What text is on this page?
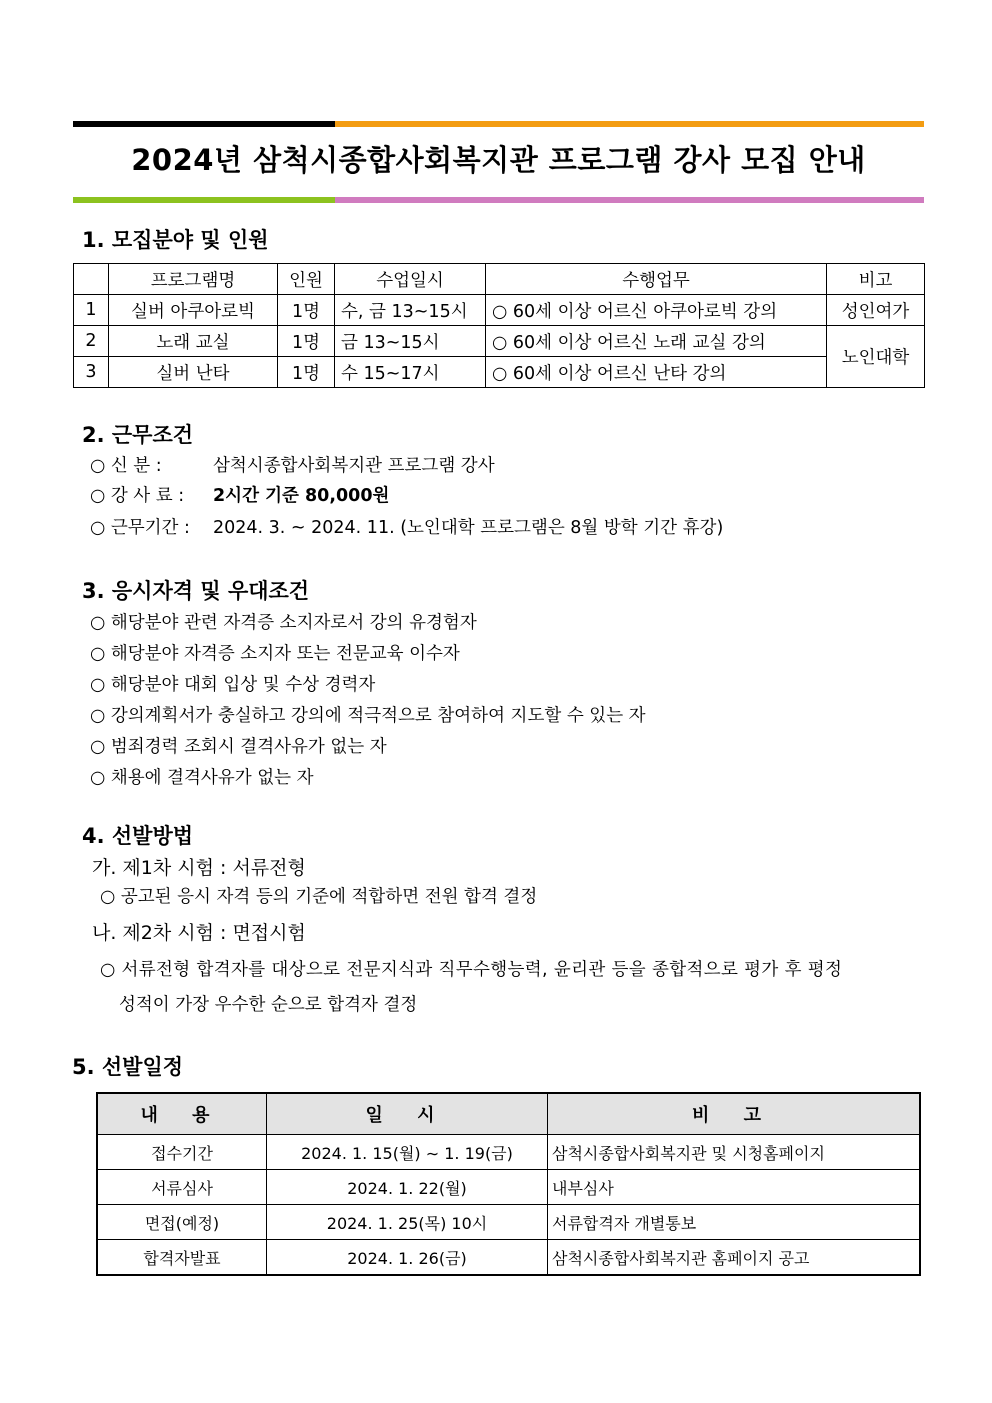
2024년 삼척시종합사회복지관 프로그램 강사 모집 안내
1. 모집분야 및 인원
	프로그램명	인원	수업일시	수행업무	비고
1	실버 아쿠아로빅	1명	수, 금 13~15시	○ 60세 이상 어르신 아쿠아로빅 강의	성인여가
2	노래 교실	1명	금 13~15시	○ 60세 이상 어르신 노래 교실 강의	노인대학
3	실버 난타	1명	수 15~17시	○ 60세 이상 어르신 난타 강의	
2. 근무조건
○ 신 분 :	삼척시종합사회복지관 프로그램 강사
○ 강 사 료 : 2시간 기준 80,000원
○ 근무기간 : 2024. 3. ~ 2024. 11. (노인대학 프로그램은 8월 방학 기간 휴강)
3. 응시자격 및 우대조건
○ 해당분야 관련 자격증 소지자로서 강의 유경험자
○ 해당분야 자격증 소지자 또는 전문교육 이수자
○ 해당분야 대회 입상 및 수상 경력자
○ 강의계획서가 충실하고 강의에 적극적으로 참여하여 지도할 수 있는 자
○ 범죄경력 조회시 결격사유가 없는 자
○ 채용에 결격사유가 없는 자
4. 선발방법
가. 제1차 시험 : 서류전형
○ 공고된 응시 자격 등의 기준에 적합하면 전원 합격 결정
나. 제2차 시험 : 면접시험
○ 서류전형 합격자를 대상으로 전문지식과 직무수행능력, 윤리관 등을 종합적으로 평가 후 평정
성적이 가장 우수한 순으로 합격자 결정
5. 선발일정
내 용	일 시	비 고
접수기간	2024. 1. 15(월) ∼ 1. 19(금)	삼척시종합사회복지관 및 시청홈페이지
서류심사	2024. 1. 22(월)	내부심사
면접(예정)	2024. 1. 25(목) 10시	서류합격자 개별통보
합격자발표	2024. 1. 26(금)	삼척시종합사회복지관 홈페이지 공고
